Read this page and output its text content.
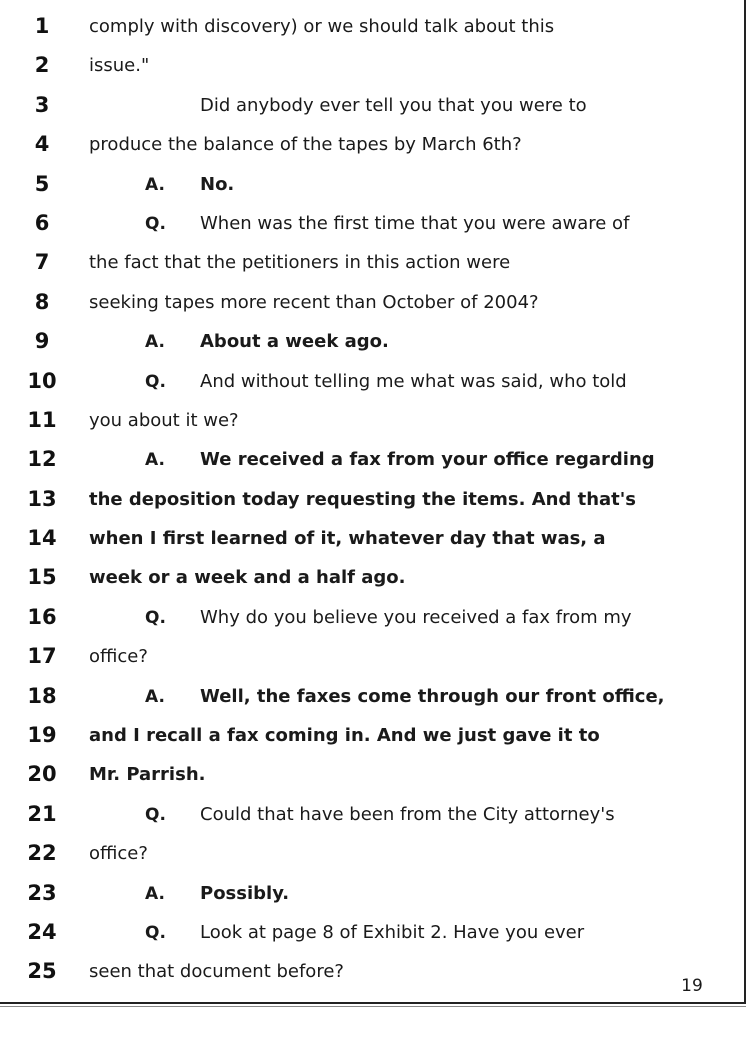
1	comply with discovery) or we should talk about this
2	issue."
3	Did anybody ever tell you that you were to
4	produce the balance of the tapes by March 6th?
5	A. No.
6	Q. When was the first time that you were aware of
7	the fact that the petitioners in this action were
8	seeking tapes more recent than October of 2004?
9	A. About a week ago.
10	Q. And without telling me what was said, who told
11 you about it we?
12	A. We received a fax from your office regarding
13 the deposition today requesting the items. And that's
14 when I first learned of it, whatever day that was, a
15 week or a week and a half ago.
16	Q. Why do you believe you received a fax from my
17 office?
18	A. Well, the faxes come through our front office,
19 and I recall a fax coming in. And we just gave it to
20 Mr. Parrish.
21	Q. Could that have been from the City attorney's
22 office?
23	A. Possibly.
24	Q. Look at page 8 of Exhibit 2. Have you ever
25 seen that document before?
19
